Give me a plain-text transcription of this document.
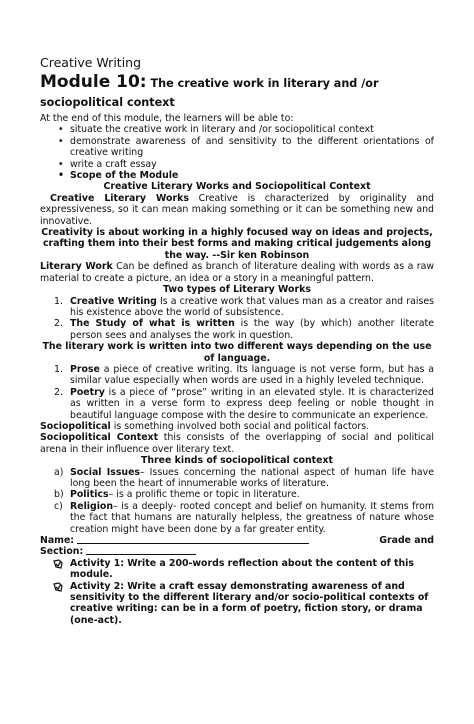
Creative Writing

Module 10: The creative work in literary and /or

sociopolitical context

At the end of this module, the learners will be able to:

• situate the creative work in literary and /or sociopolitical context
• demonstrate awareness of and sensitivity to the different orientations of creative writing
• write a craft essay
• Scope of the Module

Creative Literary Works and Sociopolitical Context

Creative Literary Works Creative is characterized by originality and expressiveness, so it can mean making something or it can be something new and innovative.

Creativity is about working in a highly focused way on ideas and projects, crafting them into their best forms and making critical judgements along the way. --Sir ken Robinson

Literary Work Can be defined as branch of literature dealing with words as a raw material to create a picture, an idea or a story in a meaningful pattern.

Two types of Literary Works

1. Creative Writing Is a creative work that values man as a creator and raises his existence above the world of subsistence.
2. The Study of what is written is the way (by which) another literate person sees and analyses the work in question.

The literary work is written into two different ways depending on the use of language.

1. Prose a piece of creative writing. Its language is not verse form, but has a similar value especially when words are used in a highly leveled technique.
2. Poetry is a piece of “prose” writing in an elevated style. It is characterized as written in a verse form to express deep feeling or noble thought in beautiful language compose with the desire to communicate an experience.

Sociopolitical is something involved both social and political factors.

Sociopolitical Context this consists of the overlapping of social and political arena in their influence over literary text.

Three kinds of sociopolitical context

a) Social Issues– Issues concerning the national aspect of human life have long been the heart of innumerable works of literature.
b) Politics– is a prolific theme or topic in literature.
c) Religion– is a deeply- rooted concept and belief on humanity. It stems from the fact that humans are naturally helpless, the greatness of nature whose creation might have been done by a far greater entity.
Name:	Grade and
Section:
Activity 1: Write a 200-words reflection about the content of this module.
Activity 2: Write a craft essay demonstrating awareness of and sensitivity to the different literary and/or socio-political contexts of creative writing: can be in a form of poetry, fiction story, or drama (one-act).
